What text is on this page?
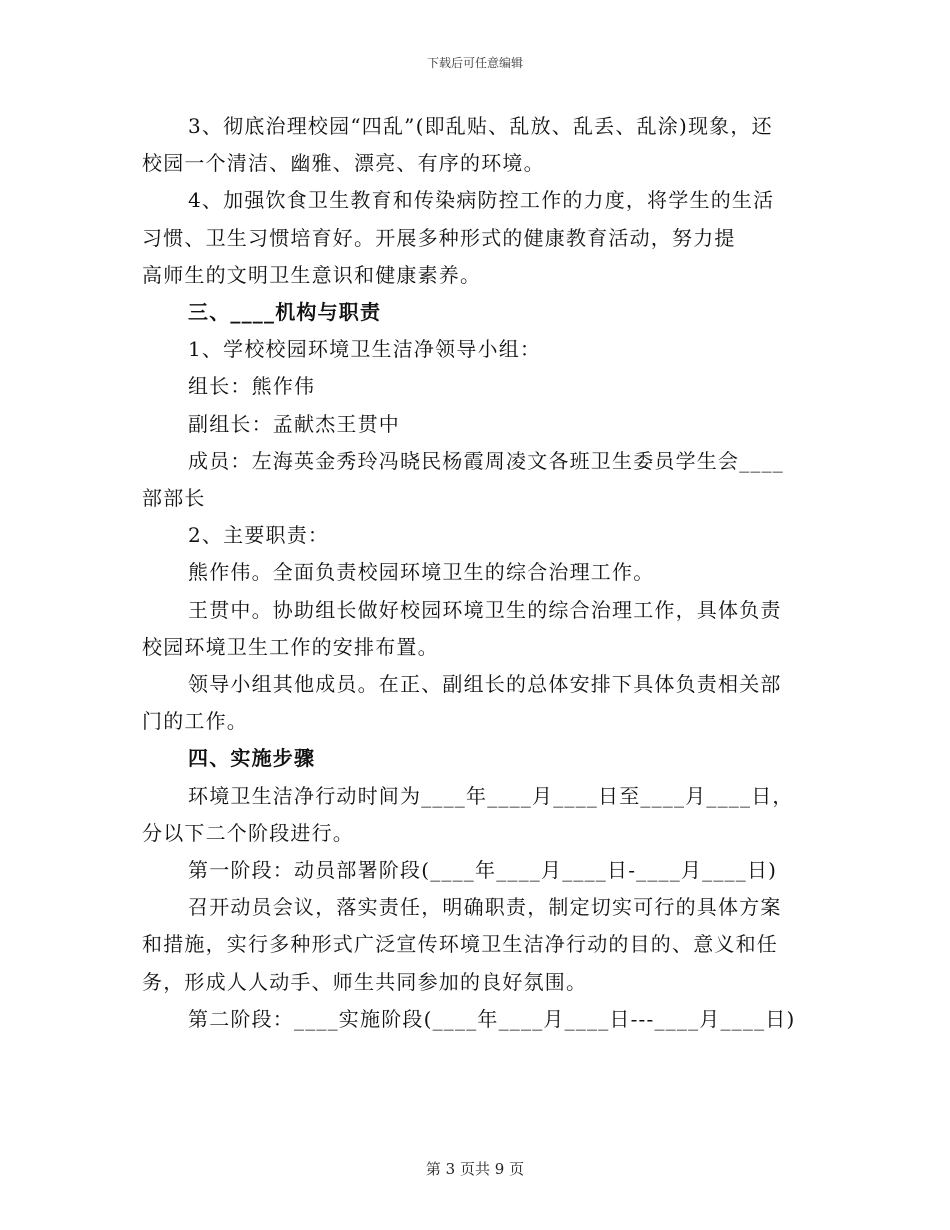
下载后可任意编辑

3、彻底治理校园“四乱”(即乱贴、乱放、乱丢、乱涂)现象，还

校园一个清洁、幽雅、漂亮、有序的环境。

4、加强饮食卫生教育和传染病防控工作的力度，将学生的生活

习惯、卫生习惯培育好。开展多种形式的健康教育活动，努力提

高师生的文明卫生意识和健康素养。

三、____机构与职责

1、学校校园环境卫生洁净领导小组：

组长：熊作伟

副组长：孟献杰王贯中

成员：左海英金秀玲冯晓民杨霞周凌文各班卫生委员学生会____

部部长

2、主要职责：

熊作伟。全面负责校园环境卫生的综合治理工作。

王贯中。协助组长做好校园环境卫生的综合治理工作，具体负责

校园环境卫生工作的安排布置。

领导小组其他成员。在正、副组长的总体安排下具体负责相关部

门的工作。

四、实施步骤

环境卫生洁净行动时间为____年____月____日至____月____日，

分以下二个阶段进行。

第一阶段：动员部署阶段(____年____月____日-____月____日)

召开动员会议，落实责任，明确职责，制定切实可行的具体方案

和措施，实行多种形式广泛宣传环境卫生洁净行动的目的、意义和任

务，形成人人动手、师生共同参加的良好氛围。

第二阶段：____实施阶段(____年____月____日---____月____日)

第 3 页共 9 页
